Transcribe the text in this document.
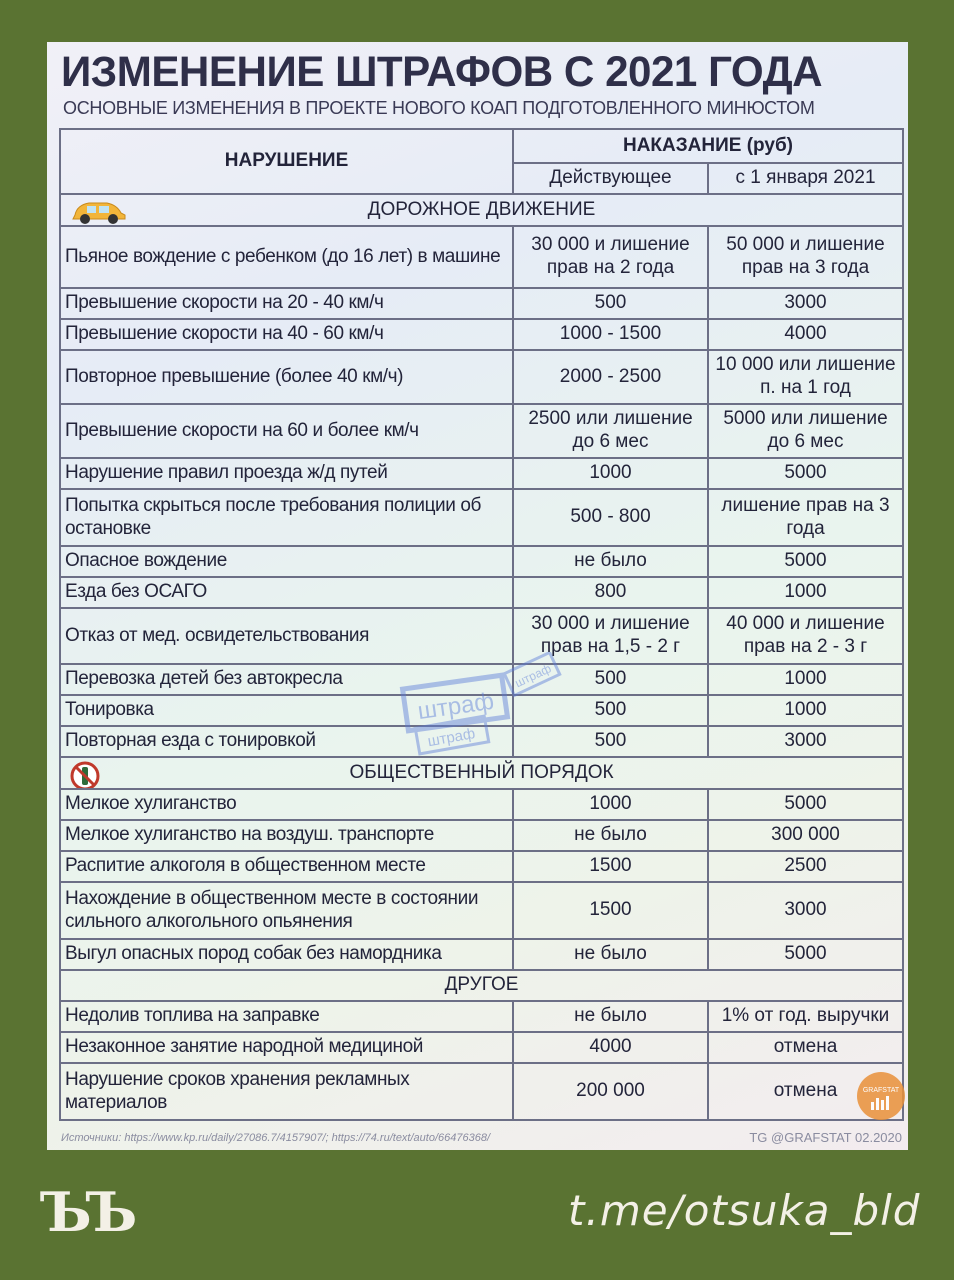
ИЗМЕНЕНИЕ ШТРАФОВ С 2021 ГОДА
ОСНОВНЫЕ ИЗМЕНЕНИЯ В ПРОЕКТЕ НОВОГО КОАП ПОДГОТОВЛЕННОГО МИНЮСТОМ
НАРУШЕНИЕ	НАКАЗАНИЕ (руб)	
	Действующее	с 1 января 2021

ДОРОЖНОЕ ДВИЖЕНИЕ		
Пьяное вождение с ребенком (до 16 лет) в машине	30 000 и лишение прав на 2 года	50 000 и лишение прав на 3 года
Превышение скорости на 20 - 40 км/ч	500	3000
Превышение скорости на 40 - 60 км/ч	1000 - 1500	4000
Повторное превышение (более 40 км/ч)	2000 - 2500	10 000 или лишение п. на 1 год
Превышение скорости на 60 и более км/ч	2500 или лишение до 6 мес	5000 или лишение до 6 мес
Нарушение правил проезда ж/д путей	1000	5000
Попытка скрыться после требования полиции об остановке	500 - 800	лишение прав на 3 года
Опасное вождение	не было	5000
Езда без ОСАГО	800	1000
Отказ от мед. освидетельствования	30 000 и лишение прав на 1,5 - 2 г	40 000 и лишение прав на 2 - 3 г
Перевозка детей без автокресла	500	1000
Тонировка	500	1000
Повторная езда с тонировкой	500	3000

ОБЩЕСТВЕННЫЙ ПОРЯДОК		
Мелкое хулиганство	1000	5000
Мелкое хулиганство на воздуш. транспорте	не было	300 000
Распитие алкоголя в общественном месте	1500	2500
Нахождение в общественном месте в состоянии сильного алкогольного опьянения	1500	3000
Выгул опасных пород собак без намордника	не было	5000
ДРУГОЕ		
Недолив топлива на заправке	не было	1% от год. выручки
Незаконное занятие народной медициной	4000	отмена
Нарушение сроков хранения рекламных материалов	200 000	отмена
штраф
штраф
штраф
GRAFSTAT
Источники: https://www.kp.ru/daily/27086.7/4157907/; https://74.ru/text/auto/66476368/	TG @GRAFSTAT 02.2020
ЪЪ	t.me/otsuka_bld
